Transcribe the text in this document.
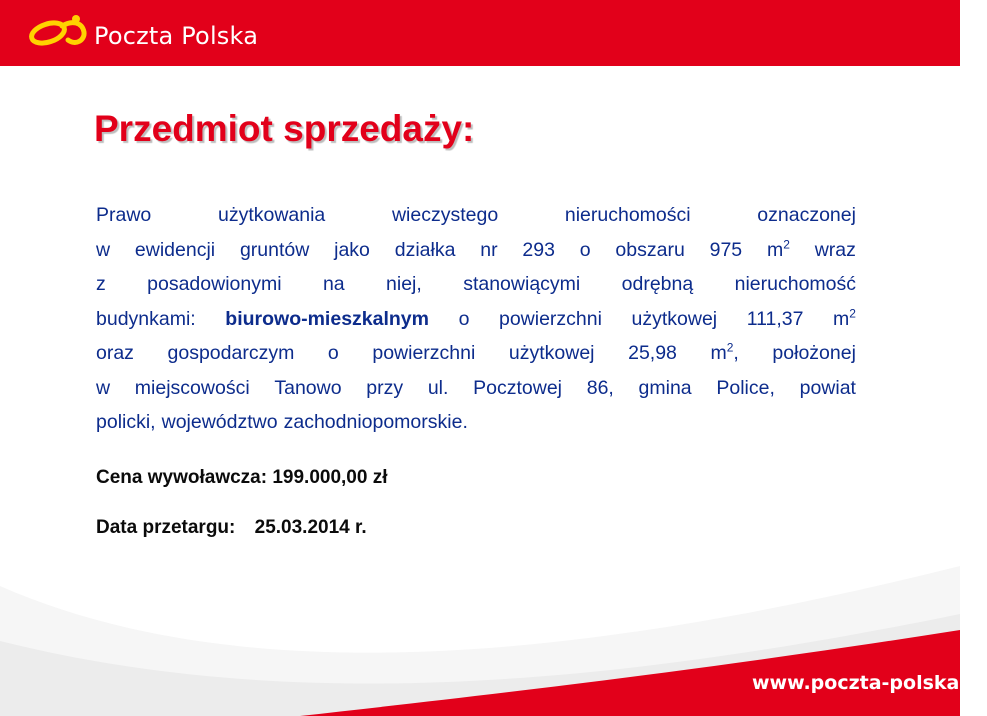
Poczta Polska
Przedmiot sprzedaży:
Prawo	użytkowania	wieczystego	nieruchomości	oznaczonej
w ewidencji gruntów jako działka nr 293 o obszaru 975 $m^2$ wraz
z posadowionymi na niej, stanowiącymi odrębną nieruchomość
budynkami: biurowo-mieszkalnym o powierzchni użytkowej 111,37 $m^2$
oraz gospodarczym o powierzchni użytkowej 25,98 $m^2$, położonej
w miejscowości Tanowo przy ul. Pocztowej 86, gmina Police, powiat
policki, województwo zachodniopomorskie.

Cena wywoławcza: 199.000,00 zł

Data przetargu: 25.03.2014 r.

www.poczta-polska.pl
